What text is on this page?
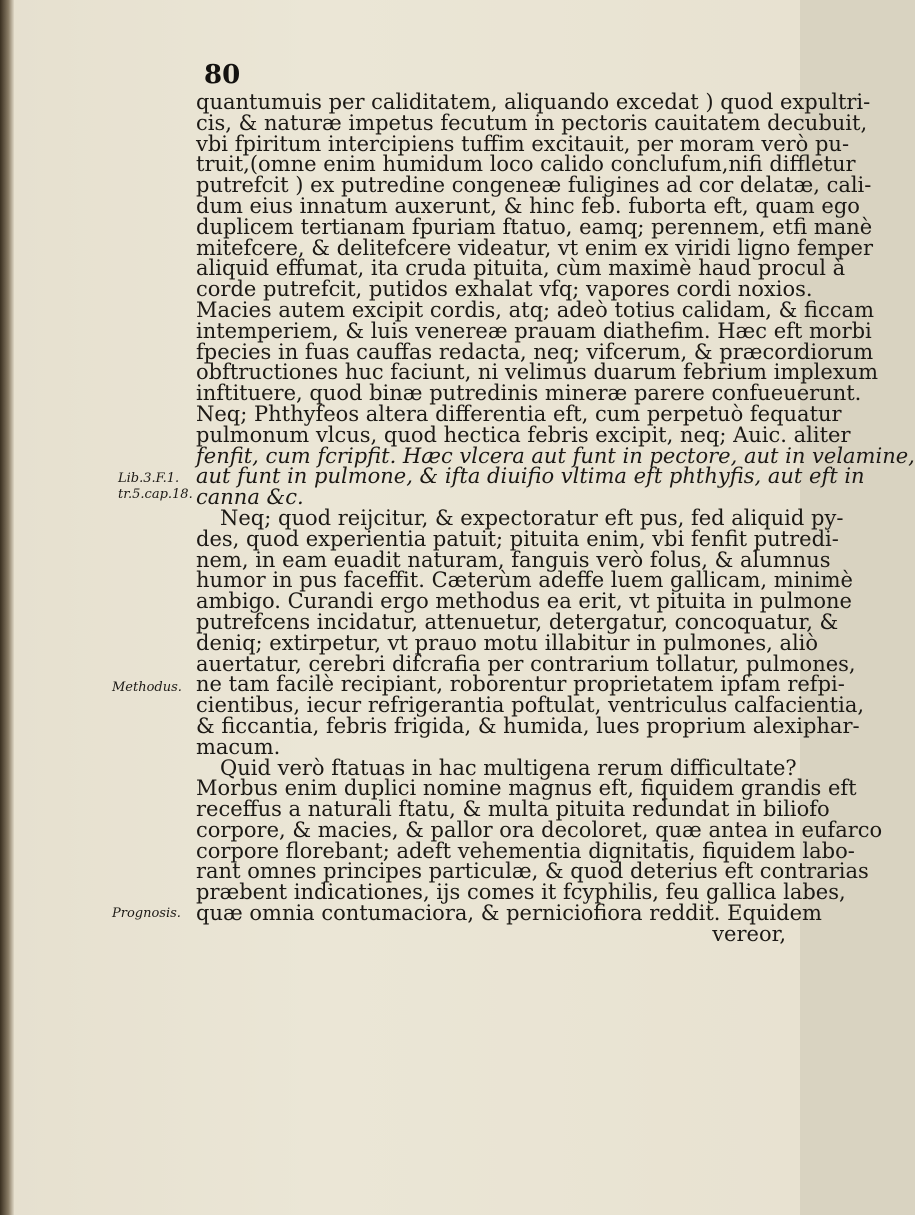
80
Lib.3.F.1.
tr.5.cap.18.
Methodus.
Prognosis.
quantumuis per caliditatem, aliquando excedat ) quod expultri-
cis, & naturæ impetus fecutum in pectoris cauitatem decubuit,
vbi fpiritum intercipiens tuffim excitauit, per moram verò pu-
truit,(omne enim humidum loco calido conclufum,nifi diffletur
putrefcit ) ex putredine congeneæ fuligines ad cor delatæ, cali-
dum eius innatum auxerunt, & hinc feb. fuborta eft, quam ego
duplicem tertianam fpuriam ftatuo, eamq; perennem, etfi manè
mitefcere, & delitefcere videatur, vt enim ex viridi ligno femper
aliquid effumat, ita cruda pituita, cùm maximè haud procul à
corde putrefcit, putidos exhalat vfq; vapores cordi noxios.
Macies autem excipit cordis, atq; adeò totius calidam, & ficcam
intemperiem, & luis venereæ prauam diathefim. Hæc eft morbi
fpecies in fuas cauffas redacta, neq; vifcerum, & præcordiorum
obftructiones huc faciunt, ni velimus duarum febrium implexum
inftituere, quod binæ putredinis mineræ parere confueuerunt.
Neq; Phthyfeos altera differentia eft, cum perpetuò fequatur
pulmonum vlcus, quod hectica febris excipit, neq; Auic. aliter
fenfit, cum fcripfit. Hæc vlcera aut funt in pectore, aut in velamine,
aut funt in pulmone, & ifta diuifio vltima eft phthyfis, aut eft in
canna &c.
Neq; quod reijcitur, & expectoratur eft pus, fed aliquid py-
des, quod experientia patuit; pituita enim, vbi fenfit putredi-
nem, in eam euadit naturam, fanguis verò folus, & alumnus
humor in pus faceffit. Cæterùm adeffe luem gallicam, minimè
ambigo. Curandi ergo methodus ea erit, vt pituita in pulmone
putrefcens incidatur, attenuetur, detergatur, concoquatur, &
deniq; extirpetur, vt prauo motu illabitur in pulmones, aliò
auertatur, cerebri difcrafia per contrarium tollatur, pulmones,
ne tam facilè recipiant, roborentur proprietatem ipfam refpi-
cientibus, iecur refrigerantia poftulat, ventriculus calfacientia,
& ficcantia, febris frigida, & humida, lues proprium alexiphar-
macum.
Quid verò ftatuas in hac multigena rerum difficultate?
Morbus enim duplici nomine magnus eft, fiquidem grandis eft
receffus a naturali ftatu, & multa pituita redundat in biliofo
corpore, & macies, & pallor ora decoloret, quæ antea in eufarco
corpore florebant; adeft vehementia dignitatis, fiquidem labo-
rant omnes principes particulæ, & quod deterius eft contrarias
præbent indicationes, ijs comes it fcyphilis, feu gallica labes,
quæ omnia contumaciora, & perniciofiora reddit. Equidem
vereor,
